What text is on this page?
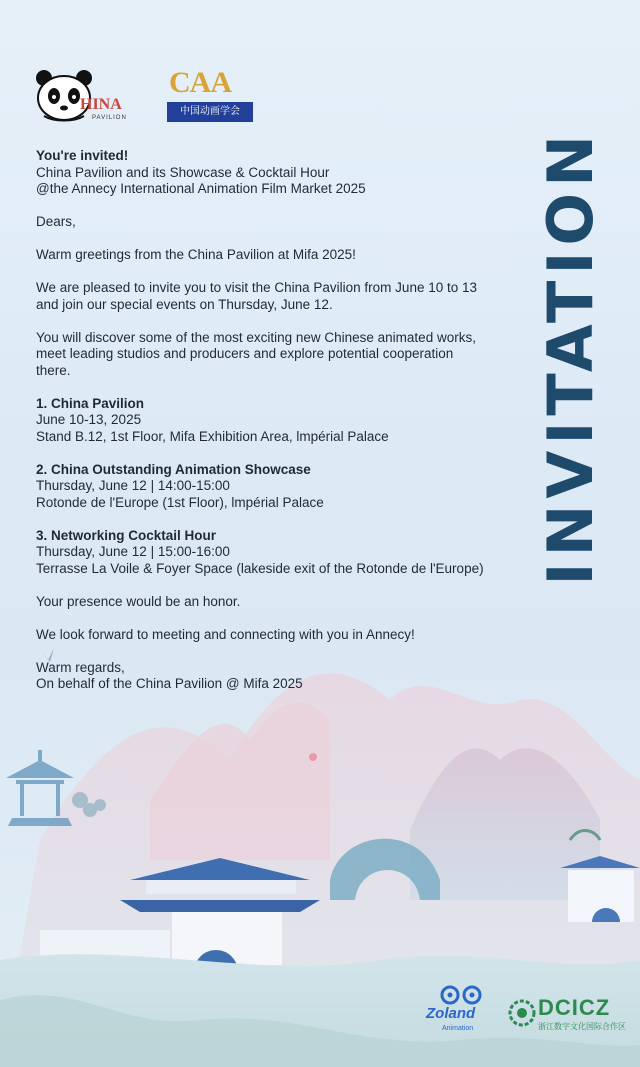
HINA
PAVILION
CAA
中国动画学会

You're invited!
China Pavilion and its Showcase & Cocktail Hour
@the Annecy International Animation Film Market 2025

Dears,

Warm greetings from the China Pavilion at Mifa 2025!

We are pleased to invite you to visit the China Pavilion from June 10 to 13
and join our special events on Thursday, June 12.

You will discover some of the most exciting new Chinese animated works,
meet leading studios and producers and explore potential cooperation
there.

1. China Pavilion
June 10-13, 2025
Stand B.12, 1st Floor, Mifa Exhibition Area, lmpérial Palace

2. China Outstanding Animation Showcase
Thursday, June 12 | 14:00-15:00
Rotonde de l'Europe (1st Floor), lmpérial Palace

3. Networking Cocktail Hour
Thursday, June 12 | 15:00-16:00
Terrasse La Voile & Foyer Space (lakeside exit of the Rotonde de l'Europe)

Your presence would be an honor.

We look forward to meeting and connecting with you in Annecy!

Warm regards,
On behalf of the China Pavilion @ Mifa 2025

INVITATION
Zoland
Animation
DCICZ
浙江数字文化国际合作区
